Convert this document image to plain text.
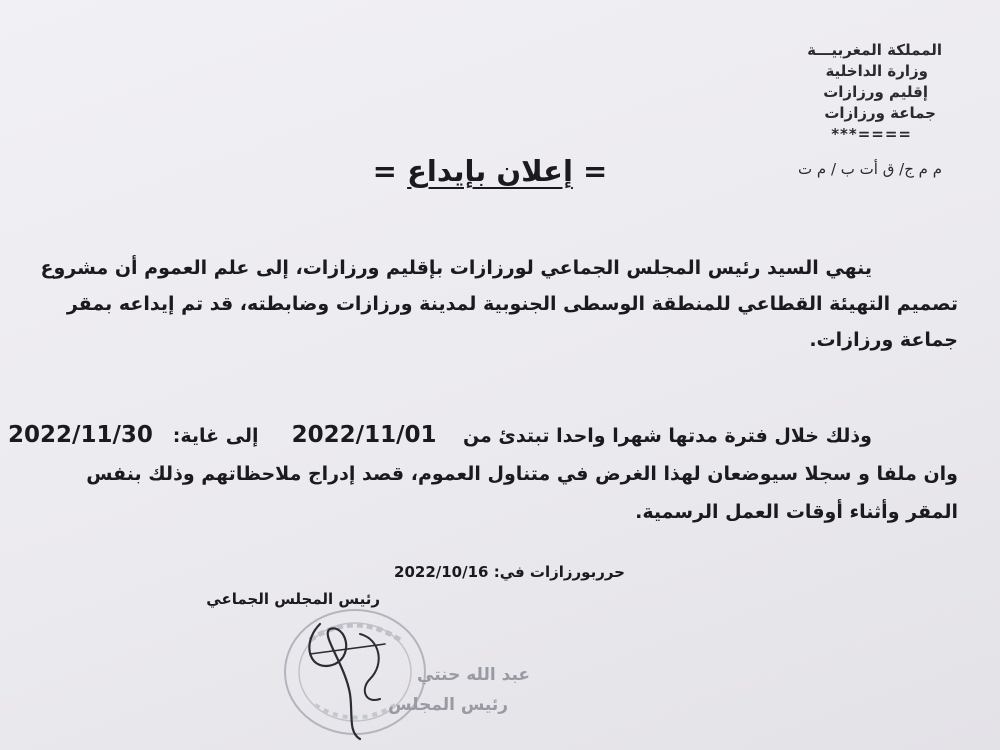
المملكة المغربيـــة
وزارة الداخلية
إقليم ورزازات
جماعة ورزازات
***====
م م ج/ ق أت ب / م ت
= إعلان بإيداع =
ينهي السيد رئيس المجلس الجماعي لورزازات بإقليم ورزازات، إلى علم العموم أن مشروع
تصميم التهيئة القطاعي للمنطقة الوسطى الجنوبية لمدينة ورزازات وضابطته، قد تم إيداعه بمقر
جماعة ورزازات.
وذلك خلال فترة مدتها شهرا واحدا تبتدئ من    2022/11/01     إلى غاية:   2022/11/30
وان ملفا و سجلا سيوضعان لهذا الغرض في متناول العموم، قصد إدراج ملاحظاتهم وذلك بنفس
المقر وأثناء أوقات العمل الرسمية.
حرربورزازات في: 2022/10/16
رئيس المجلس الجماعي
عبد الله حنتي
رئيس المجلس
